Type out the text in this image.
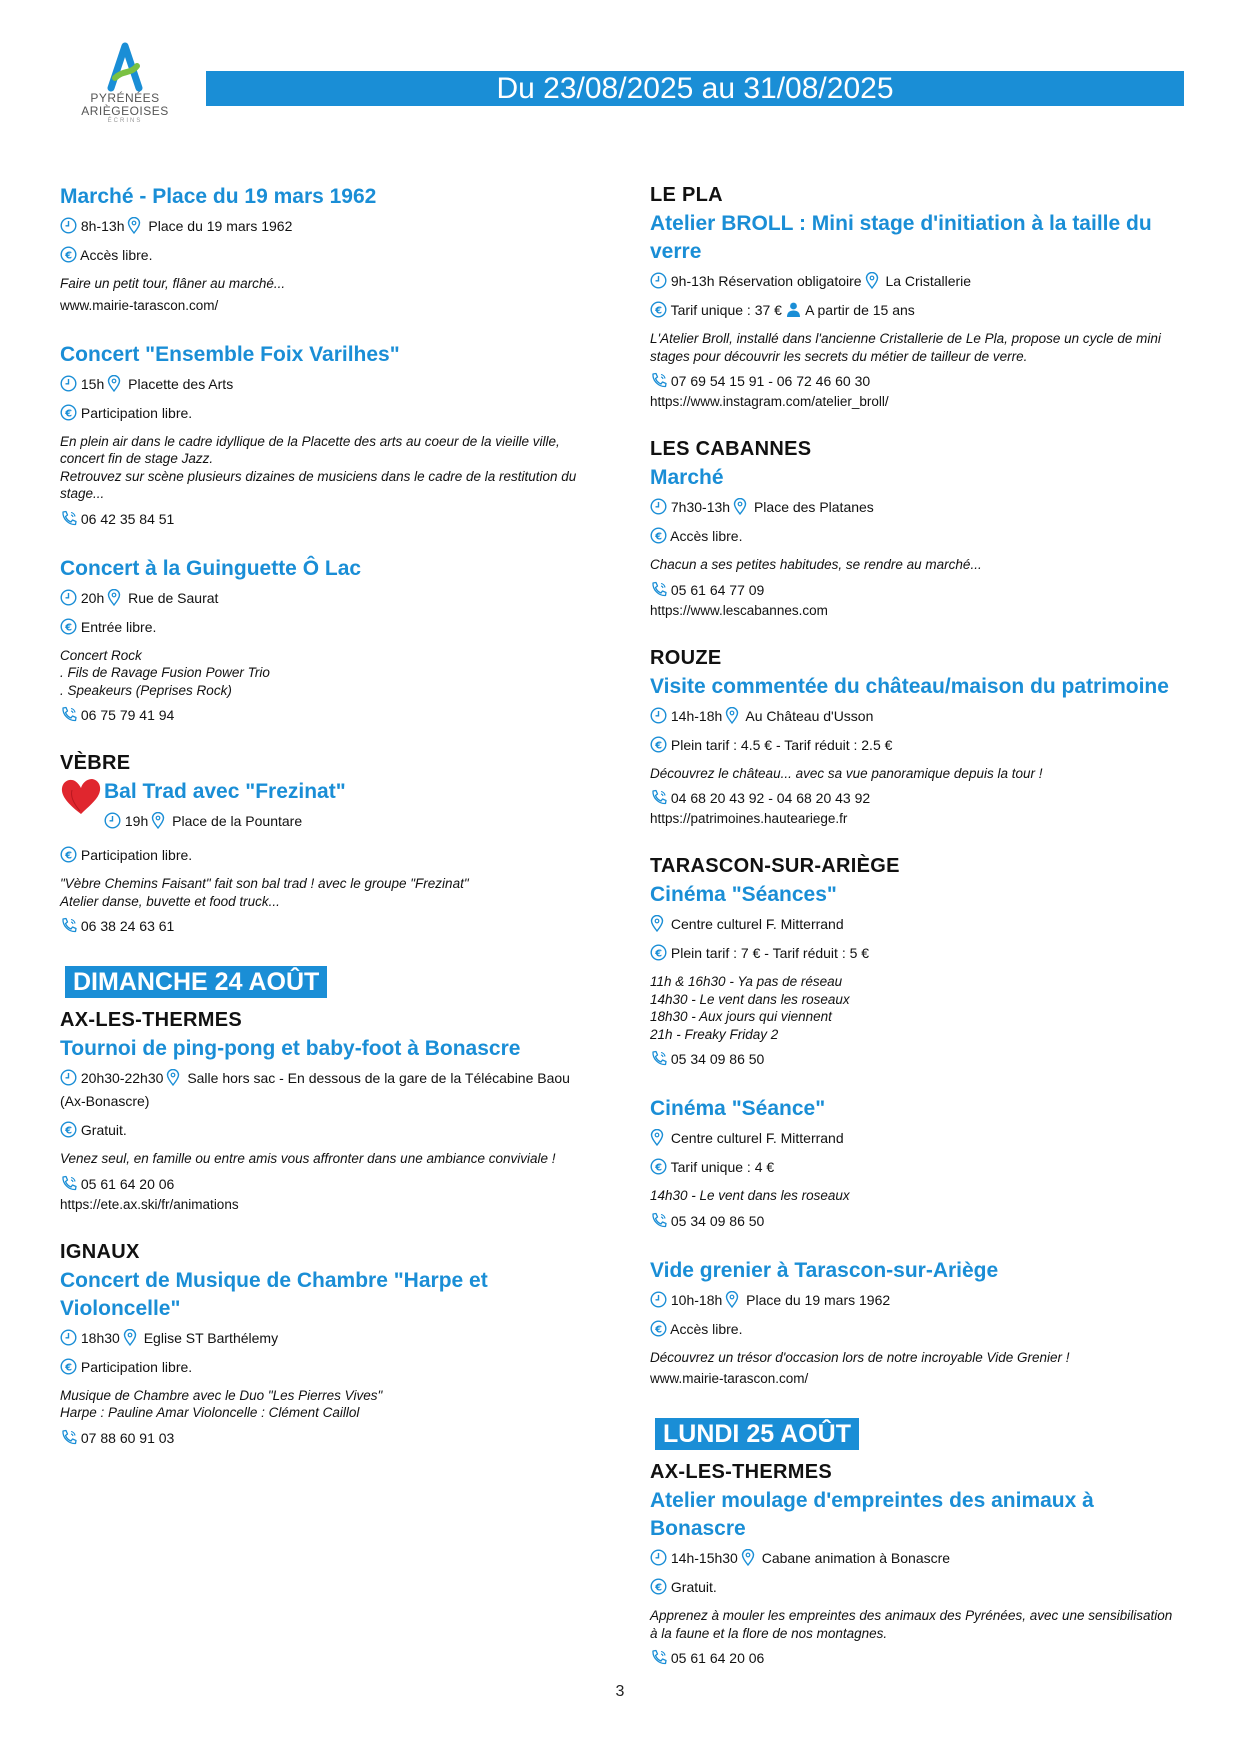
PYRÉNÉES
ARIÈGEOISES
ÉCRINS
Du 23/08/2025 au 31/08/2025
Marché - Place du 19 mars 1962
8h-13h Place du 19 mars 1962
€ Accès libre.
Faire un petit tour, flâner au marché...
www.mairie-tarascon.com/
Concert "Ensemble Foix Varilhes"
15h Placette des Arts
€ Participation libre.
En plein air dans le cadre idyllique de la Placette des arts au coeur de la vieille ville,
concert fin de stage Jazz.
Retrouvez sur scène plusieurs dizaines de musiciens dans le cadre de la restitution du
stage...
06 42 35 84 51
Concert à la Guinguette Ô Lac
20h Rue de Saurat
€ Entrée libre.
Concert Rock
. Fils de Ravage Fusion Power Trio
. Speakeurs (Peprises Rock)
06 75 79 41 94
VÈBRE
Bal Trad avec "Frezinat"
19h Place de la Pountare
€ Participation libre.
"Vèbre Chemins Faisant" fait son bal trad ! avec le groupe "Frezinat"
Atelier danse, buvette et food truck...
06 38 24 63 61
DIMANCHE 24 AOÛT
AX-LES-THERMES
Tournoi de ping-pong et baby-foot à Bonascre
20h30-22h30 Salle hors sac - En dessous de la gare de la Télécabine Baou
(Ax-Bonascre)
€ Gratuit.
Venez seul, en famille ou entre amis vous affronter dans une ambiance conviviale !
05 61 64 20 06
https://ete.ax.ski/fr/animations
IGNAUX
Concert de Musique de Chambre "Harpe et Violoncelle"
18h30 Eglise ST Barthélemy
€ Participation libre.
Musique de Chambre avec le Duo "Les Pierres Vives"
Harpe : Pauline Amar Violoncelle : Clément Caillol
07 88 60 91 03
LE PLA
Atelier BROLL : Mini stage d'initiation à la taille du verre
9h-13h Réservation obligatoire La Cristallerie
€ Tarif unique : 37 € A partir de 15 ans
L'Atelier Broll, installé dans l'ancienne Cristallerie de Le Pla, propose un cycle de mini
stages pour découvrir les secrets du métier de tailleur de verre.
07 69 54 15 91 - 06 72 46 60 30
https://www.instagram.com/atelier_broll/
LES CABANNES
Marché
7h30-13h Place des Platanes
€ Accès libre.
Chacun a ses petites habitudes, se rendre au marché...
05 61 64 77 09
https://www.lescabannes.com
ROUZE
Visite commentée du château/maison du patrimoine
14h-18h Au Château d'Usson
€ Plein tarif : 4.5 € - Tarif réduit : 2.5 €
Découvrez le château... avec sa vue panoramique depuis la tour !
04 68 20 43 92 - 04 68 20 43 92
https://patrimoines.hauteariege.fr
TARASCON-SUR-ARIÈGE
Cinéma "Séances"
Centre culturel F. Mitterrand
€ Plein tarif : 7 € - Tarif réduit : 5 €
11h & 16h30 - Ya pas de réseau
14h30 - Le vent dans les roseaux
18h30 - Aux jours qui viennent
21h - Freaky Friday 2
05 34 09 86 50
Cinéma "Séance"
Centre culturel F. Mitterrand
€ Tarif unique : 4 €
14h30 - Le vent dans les roseaux
05 34 09 86 50
Vide grenier à Tarascon-sur-Ariège
10h-18h Place du 19 mars 1962
€ Accès libre.
Découvrez un trésor d'occasion lors de notre incroyable Vide Grenier !
www.mairie-tarascon.com/
LUNDI 25 AOÛT
AX-LES-THERMES
Atelier moulage d'empreintes des animaux à Bonascre
14h-15h30 Cabane animation à Bonascre
€ Gratuit.
Apprenez à mouler les empreintes des animaux des Pyrénées, avec une sensibilisation
à la faune et la flore de nos montagnes.
05 61 64 20 06
3
